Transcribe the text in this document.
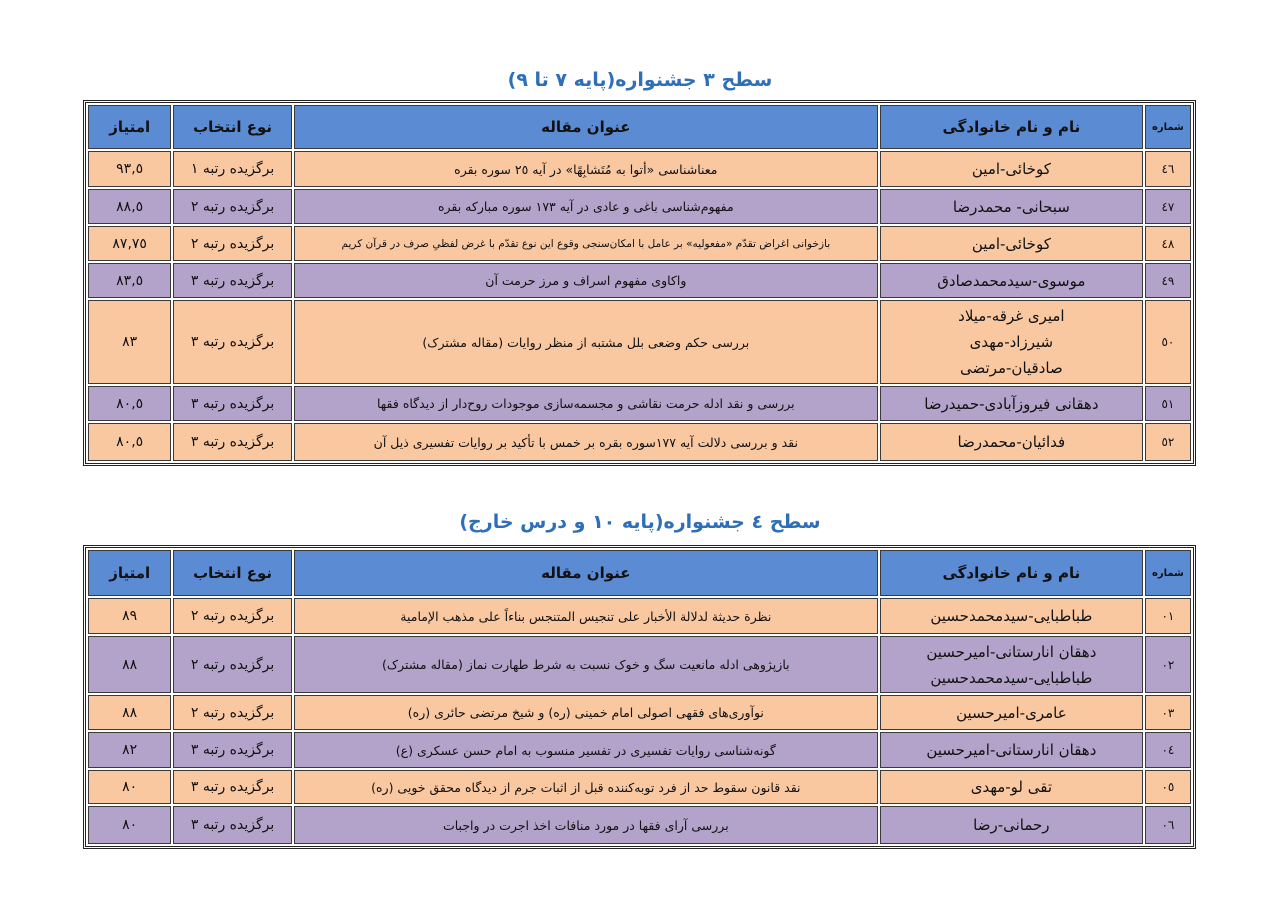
سطح ٣ جشنواره(پایه ٧ تا ٩)
شماره	نام و نام خانوادگی	عنوان مقاله	نوع انتخاب	امتیاز
٤٦	کوخائی-امین	معناشناسی «أتوا به مُتَشابِهًا» در آیه ٢٥ سوره بقره	برگزیده رتبه ١	٩٣,٥
٤٧	سبحانی- محمدرضا	مفهوم‌شناسی باغی و عادی در آیه ١٧٣ سوره مبارکه بقره	برگزیده رتبه ٢	٨٨,٥
٤٨	کوخائی-امین	بازخوانی اغراض تقدّم «مفعولیه» بر عامل با امکان‌سنجی وقوع این نوع تقدّم با غرض لفظیِ صرف در قرآن کریم	برگزیده رتبه ٢	٨٧,٧٥
٤٩	موسوی-سیدمحمدصادق	واکاوی مفهوم اسراف و مرز حرمت آن	برگزیده رتبه ٣	٨٣,٥
٥٠	امیری غرقه-میلاد
شیرزاد-مهدی
صادقیان-مرتضی	بررسی حکم وضعی بلل مشتبه از منظر روایات (مقاله مشترک)	برگزیده رتبه ٣	٨٣
٥١	دهقانی فیروزآبادی-حمیدرضا	بررسی و نقد ادله حرمت نقاشی و مجسمه‌سازی موجودات روح‌دار از دیدگاه فقها	برگزیده رتبه ٣	٨٠,٥
٥٢	فدائیان-محمدرضا	نقد و بررسی دلالت آیه ١٧٧سوره بقره بر خمس با تأکید بر روایات تفسیری ذیل آن	برگزیده رتبه ٣	٨٠,٥
سطح ٤ جشنواره(پایه ١٠ و درس خارج)
شماره	نام و نام خانوادگی	عنوان مقاله	نوع انتخاب	امتیاز
٠١	طباطبایی-سیدمحمدحسین	نظرة حدیثة لدلالة الأخبار علی تنجیس المتنجس بناءاً علی مذهب الإمامیة	برگزیده رتبه ٢	٨٩
٠٢	دهقان انارستانی-امیرحسین
طباطبایی-سیدمحمدحسین	بازپژوهی ادله مانعیت سگ و خوک نسبت به شرط طهارت نماز (مقاله مشترک)	برگزیده رتبه ٢	٨٨
٠٣	عامری-امیرحسین	نوآوری‌های فقهی اصولی امام خمینی (ره) و شیخ مرتضی حائری (ره)	برگزیده رتبه ٢	٨٨
٠٤	دهقان انارستانی-امیرحسین	گونه‌شناسی روایات تفسیری در تفسیر منسوب به امام حسن عسکری (ع)	برگزیده رتبه ٣	٨٢
٠٥	تقی لو-مهدی	نقد قانون سقوط حد از فرد توبه‌کننده قبل از اثبات جرم از دیدگاه محقق خویی (ره)	برگزیده رتبه ٣	٨٠
٠٦	رحمانی-رضا	بررسی آرای فقها در مورد منافات اخذ اجرت در واجبات	برگزیده رتبه ٣	٨٠
